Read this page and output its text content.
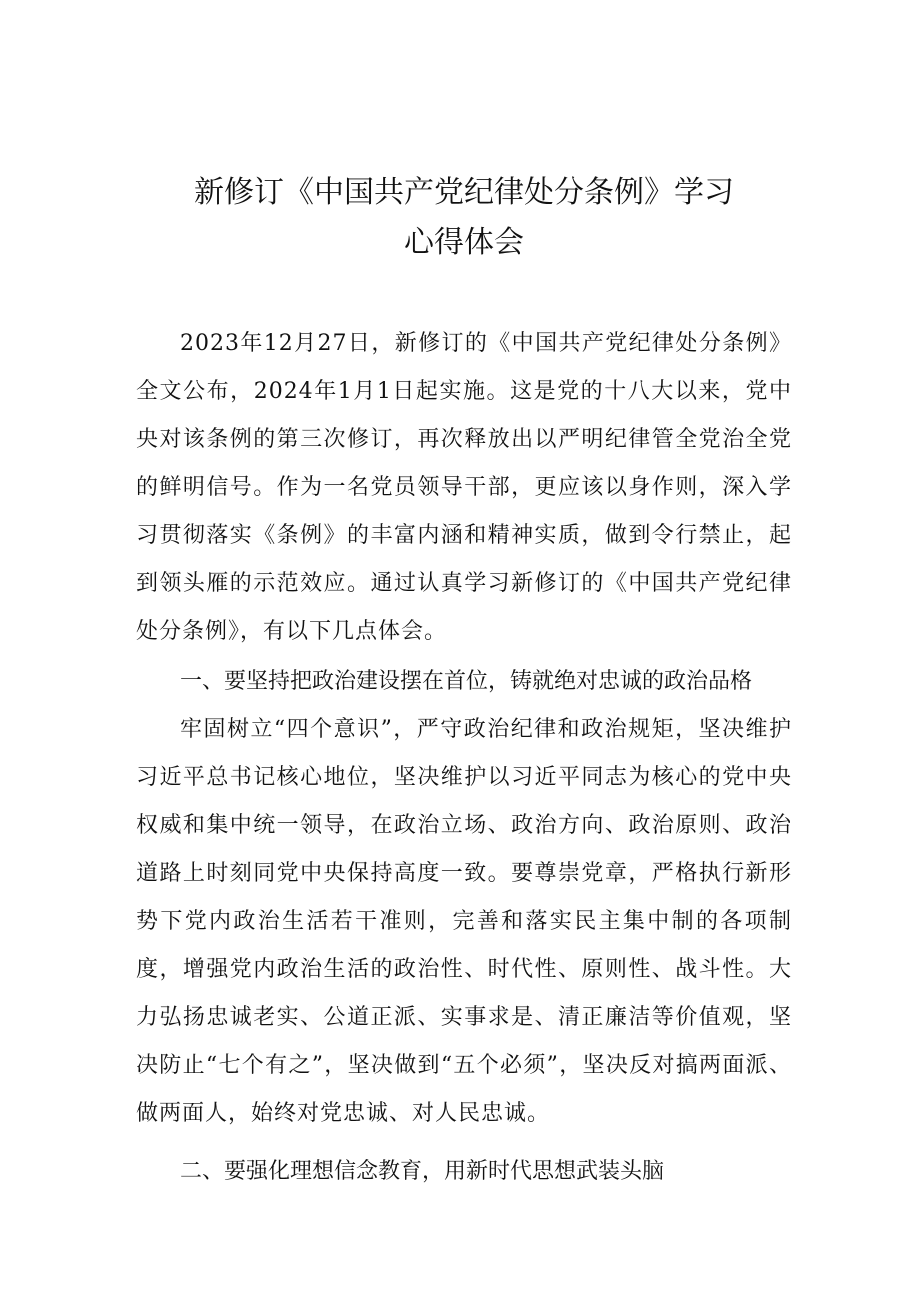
新修订《中国共产党纪律处分条例》学习
心得体会

2023年12月27日，新修订的《中国共产党纪律处分条例》全文公布，2024年1月1日起实施。这是党的十八大以来，党中央对该条例的第三次修订，再次释放出以严明纪律管全党治全党的鲜明信号。作为一名党员领导干部，更应该以身作则，深入学习贯彻落实《条例》的丰富内涵和精神实质，做到令行禁止，起到领头雁的示范效应。通过认真学习新修订的《中国共产党纪律处分条例》，有以下几点体会。

一、要坚持把政治建设摆在首位，铸就绝对忠诚的政治品格

牢固树立“四个意识”，严守政治纪律和政治规矩，坚决维护习近平总书记核心地位，坚决维护以习近平同志为核心的党中央权威和集中统一领导，在政治立场、政治方向、政治原则、政治道路上时刻同党中央保持高度一致。要尊崇党章，严格执行新形势下党内政治生活若干准则，完善和落实民主集中制的各项制度，增强党内政治生活的政治性、时代性、原则性、战斗性。大力弘扬忠诚老实、公道正派、实事求是、清正廉洁等价值观，坚决防止“七个有之”，坚决做到“五个必须”，坚决反对搞两面派、做两面人，始终对党忠诚、对人民忠诚。

二、要强化理想信念教育，用新时代思想武装头脑
